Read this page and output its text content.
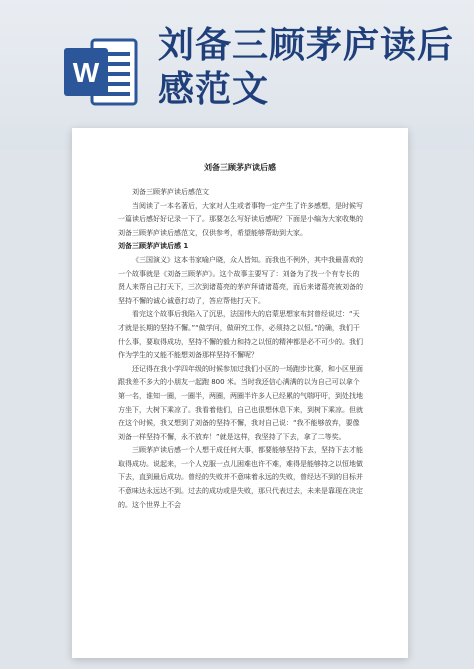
W
刘备三顾茅庐读后感范文
刘备三顾茅庐读后感

刘备三顾茅庐读后感范文

当阅读了一本名著后，大家对人生或者事物一定产生了许多感想，是时候写一篇读后感好好记录一下了。那要怎么写好读后感呢？下面是小编为大家收集的刘备三顾茅庐读后感范文，仅供参考，希望能够帮助到大家。

刘备三顾茅庐读后感 1

《三国演义》这本书家喻户晓，众人皆知。而我也不例外，其中我最喜欢的一个故事就是《刘备三顾茅庐》。这个故事主要写了：刘备为了找一个有专长的贤人来帮自己打天下，三次到诸葛亮的茅庐拜请诸葛亮，而后来诸葛亮被刘备的坚持不懈的诚心诚意打动了，答应帮他打天下。

看完这个故事后我陷入了沉思，法国伟大的启蒙思想家布封曾经说过：“天才就是长期的坚持不懈。”“做学问，做研究工作，必须持之以恒。”的确，我们干什么事，要取得成功，坚持不懈的毅力和持之以恒的精神都是必不可少的。我们作为学生的又能不能想刘备那样坚持不懈呢？

还记得在我小学四年级的时候参加过我们小区的一场跑步比赛，和小区里面跟我差不多大的小朋友一起跑 800 米。当时我还信心满满的以为自己可以拿个第一名，谁知一圈，一圈半，两圈，两圈半许多人已经累的气喘吁吁，到处找地方坐下，大树下乘凉了。我看着他们，自己也很想休息下来，到树下乘凉。但就在这个时候，我又想到了刘备的坚持不懈，我对自己说：“我不能够放弃，要像刘备一样坚持不懈，永不放弃！”就是这样，我坚持了下去，拿了二等奖。

三顾茅庐读后感一个人想干成任何大事，都要能够坚持下去，坚持下去才能取得成功。说起来，一个人克服一点儿困难也许不难，难得是能够持之以恒地做下去，直到最后成功。曾经的失败并不意味着永远的失败，曾经达不到的目标并不意味达永远达不到。过去的成功或是失败，那只代表过去，未来是靠现在决定的。这个世界上不会
